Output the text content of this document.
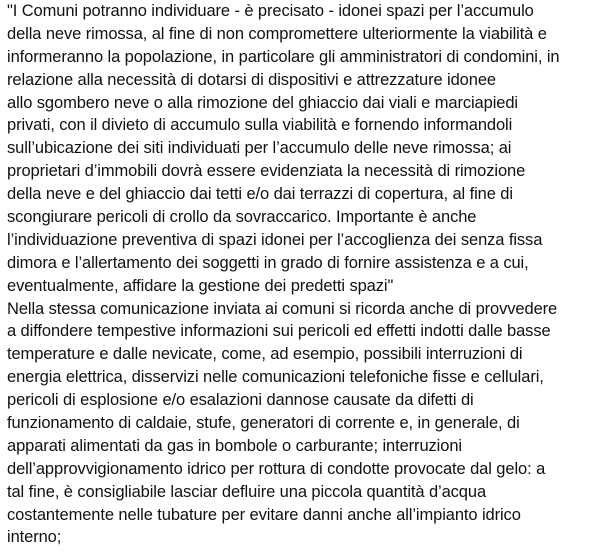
"I Comuni potranno individuare - è precisato - idonei spazi per l’accumulo
della neve rimossa, al fine di non compromettere ulteriormente la viabilità e
informeranno la popolazione, in particolare gli amministratori di condomini, in
relazione alla necessità di dotarsi di dispositivi e attrezzature idonee
allo sgombero neve o alla rimozione del ghiaccio dai viali e marciapiedi
privati, con il divieto di accumulo sulla viabilità e fornendo informandoli
sull’ubicazione dei siti individuati per l’accumulo delle neve rimossa; ai
proprietari d’immobili dovrà essere evidenziata la necessità di rimozione
della neve e del ghiaccio dai tetti e/o dai terrazzi di copertura, al fine di
scongiurare pericoli di crollo da sovraccarico. Importante è anche
l’individuazione preventiva di spazi idonei per l’accoglienza dei senza fissa
dimora e l’allertamento dei soggetti in grado di fornire assistenza e a cui,
eventualmente, affidare la gestione dei predetti spazi"
Nella stessa comunicazione inviata ai comuni si ricorda anche di provvedere
a diffondere tempestive informazioni sui pericoli ed effetti indotti dalle basse
temperature e dalle nevicate, come, ad esempio, possibili interruzioni di
energia elettrica, disservizi nelle comunicazioni telefoniche fisse e cellulari,
pericoli di esplosione e/o esalazioni dannose causate da difetti di
funzionamento di caldaie, stufe, generatori di corrente e, in generale, di
apparati alimentati da gas in bombole o carburante; interruzioni
dell’approvvigionamento idrico per rottura di condotte provocate dal gelo: a
tal fine, è consigliabile lasciar defluire una piccola quantità d’acqua
costantemente nelle tubature per evitare danni anche all’impianto idrico
interno;
